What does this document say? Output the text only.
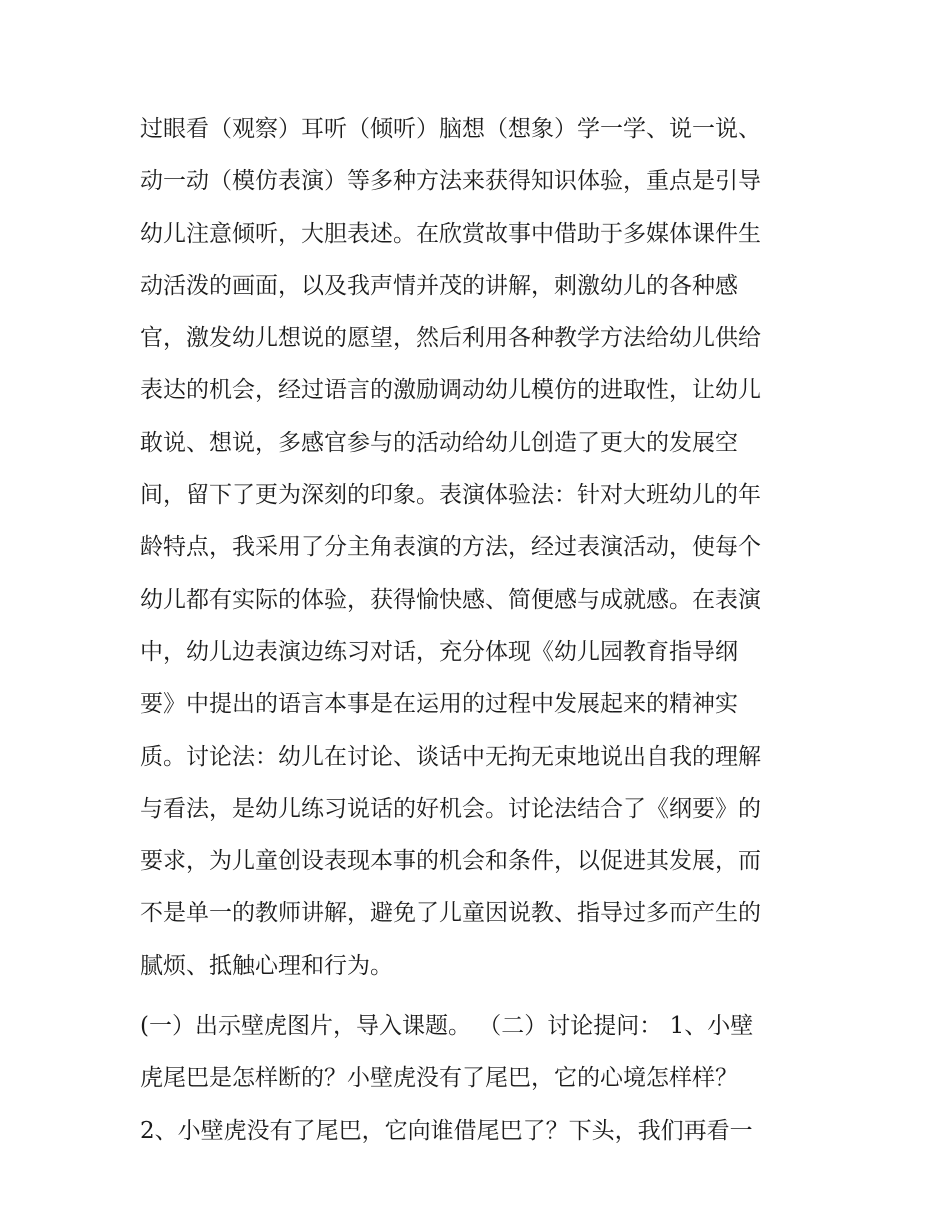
过眼看（观察）耳听（倾听）脑想（想象）学一学、说一说、
动一动（模仿表演）等多种方法来获得知识体验，重点是引导
幼儿注意倾听，大胆表述。在欣赏故事中借助于多媒体课件生
动活泼的画面，以及我声情并茂的讲解，刺激幼儿的各种感
官，激发幼儿想说的愿望，然后利用各种教学方法给幼儿供给
表达的机会，经过语言的激励调动幼儿模仿的进取性，让幼儿
敢说、想说，多感官参与的活动给幼儿创造了更大的发展空
间，留下了更为深刻的印象。表演体验法：针对大班幼儿的年
龄特点，我采用了分主角表演的方法，经过表演活动，使每个
幼儿都有实际的体验，获得愉快感、简便感与成就感。在表演
中，幼儿边表演边练习对话，充分体现《幼儿园教育指导纲
要》中提出的语言本事是在运用的过程中发展起来的精神实
质。讨论法：幼儿在讨论、谈话中无拘无束地说出自我的理解
与看法，是幼儿练习说话的好机会。讨论法结合了《纲要》的
要求，为儿童创设表现本事的机会和条件，以促进其发展，而
不是单一的教师讲解，避免了儿童因说教、指导过多而产生的
腻烦、抵触心理和行为。
(一）出示壁虎图片，导入课题。 （二）讨论提问： 1、小壁
虎尾巴是怎样断的？小壁虎没有了尾巴，它的心境怎样样？
2、小壁虎没有了尾巴，它向谁借尾巴了？下头，我们再看一
